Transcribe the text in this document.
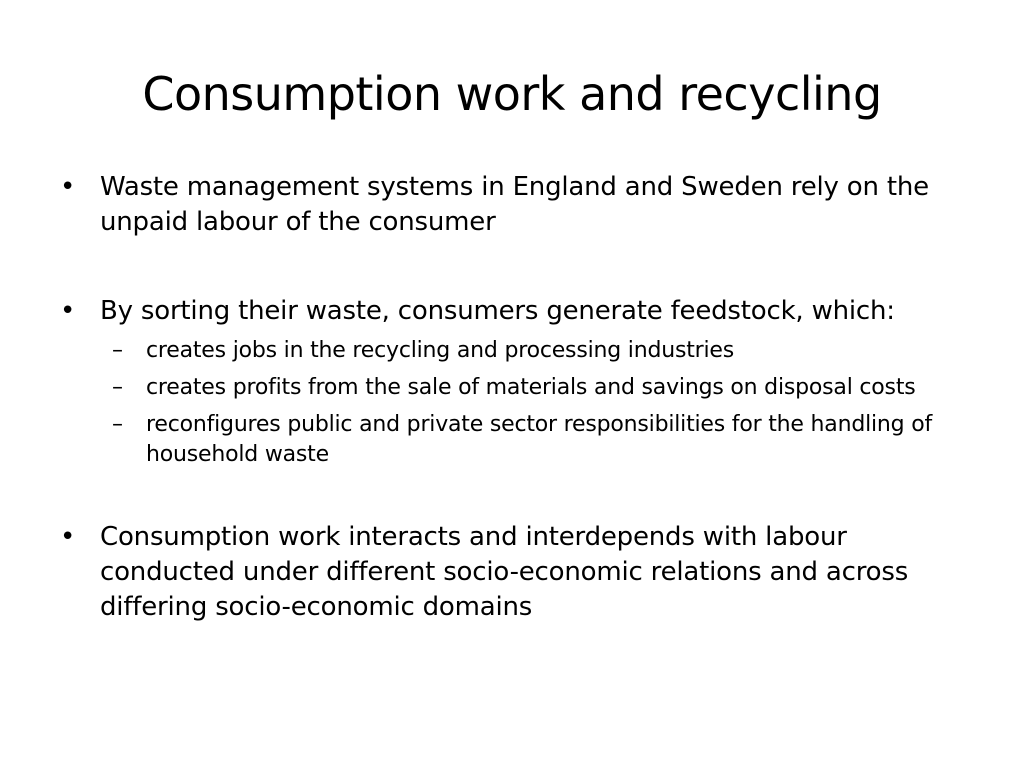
Consumption work and recycling
• Waste management systems in England and Sweden rely on the unpaid labour of the consumer
• By sorting their waste, consumers generate feedstock, which:
– creates jobs in the recycling and processing industries
– creates profits from the sale of materials and savings on disposal costs
– reconfigures public and private sector responsibilities for the handling of household waste
• Consumption work interacts and interdepends with labour conducted under different socio-economic relations and across differing socio-economic domains
